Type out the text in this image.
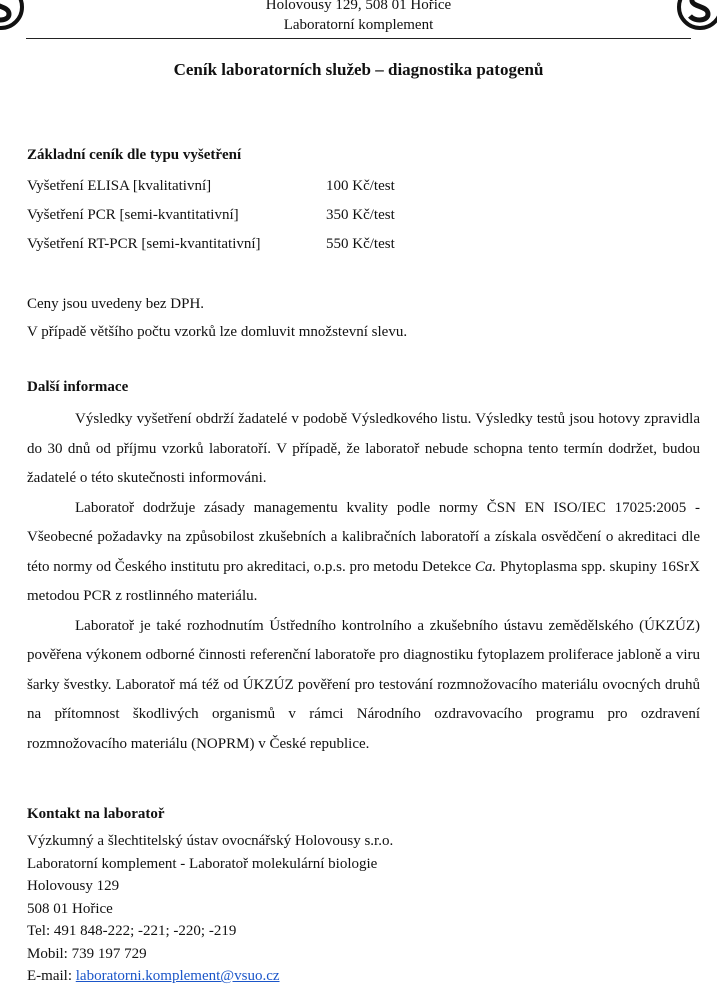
Holovousy 129, 508 01 Hořice
Laboratorní komplement
Ceník laboratorních služeb – diagnostika patogenů
Základní ceník dle typu vyšetření
Vyšetření ELISA [kvalitativní]	100 Kč/test
Vyšetření PCR [semi-kvantitativní]	350 Kč/test
Vyšetření RT-PCR [semi-kvantitativní]	550 Kč/test
Ceny jsou uvedeny bez DPH.
V případě většího počtu vzorků lze domluvit množstevní slevu.
Další informace

Výsledky vyšetření obdrží žadatelé v podobě Výsledkového listu. Výsledky testů jsou hotovy zpravidla do 30 dnů od příjmu vzorků laboratoří. V případě, že laboratoř nebude schopna tento termín dodržet, budou žadatelé o této skutečnosti informováni.

Laboratoř dodržuje zásady managementu kvality podle normy ČSN EN ISO/IEC 17025:2005 - Všeobecné požadavky na způsobilost zkušebních a kalibračních laboratoří a získala osvědčení o akreditaci dle této normy od Českého institutu pro akreditaci, o.p.s. pro metodu Detekce Ca. Phytoplasma spp. skupiny 16SrX metodou PCR z rostlinného materiálu.

Laboratoř je také rozhodnutím Ústředního kontrolního a zkušebního ústavu zemědělského (ÚKZÚZ) pověřena výkonem odborné činnosti referenční laboratoře pro diagnostiku fytoplazem proliferace jabloně a viru šarky švestky. Laboratoř má též od ÚKZÚZ pověření pro testování rozmnožovacího materiálu ovocných druhů na přítomnost škodlivých organismů v rámci Národního ozdravovacího programu pro ozdravení rozmnožovacího materiálu (NOPRM) v České republice.

Kontakt na laboratoř
Výzkumný a šlechtitelský ústav ovocnářský Holovousy s.r.o.
Laboratorní komplement - Laboratoř molekulární biologie
Holovousy 129
508 01 Hořice
Tel: 491 848-222; -221; -220; -219
Mobil: 739 197 729
E-mail: laboratorni.komplement@vsuo.cz
